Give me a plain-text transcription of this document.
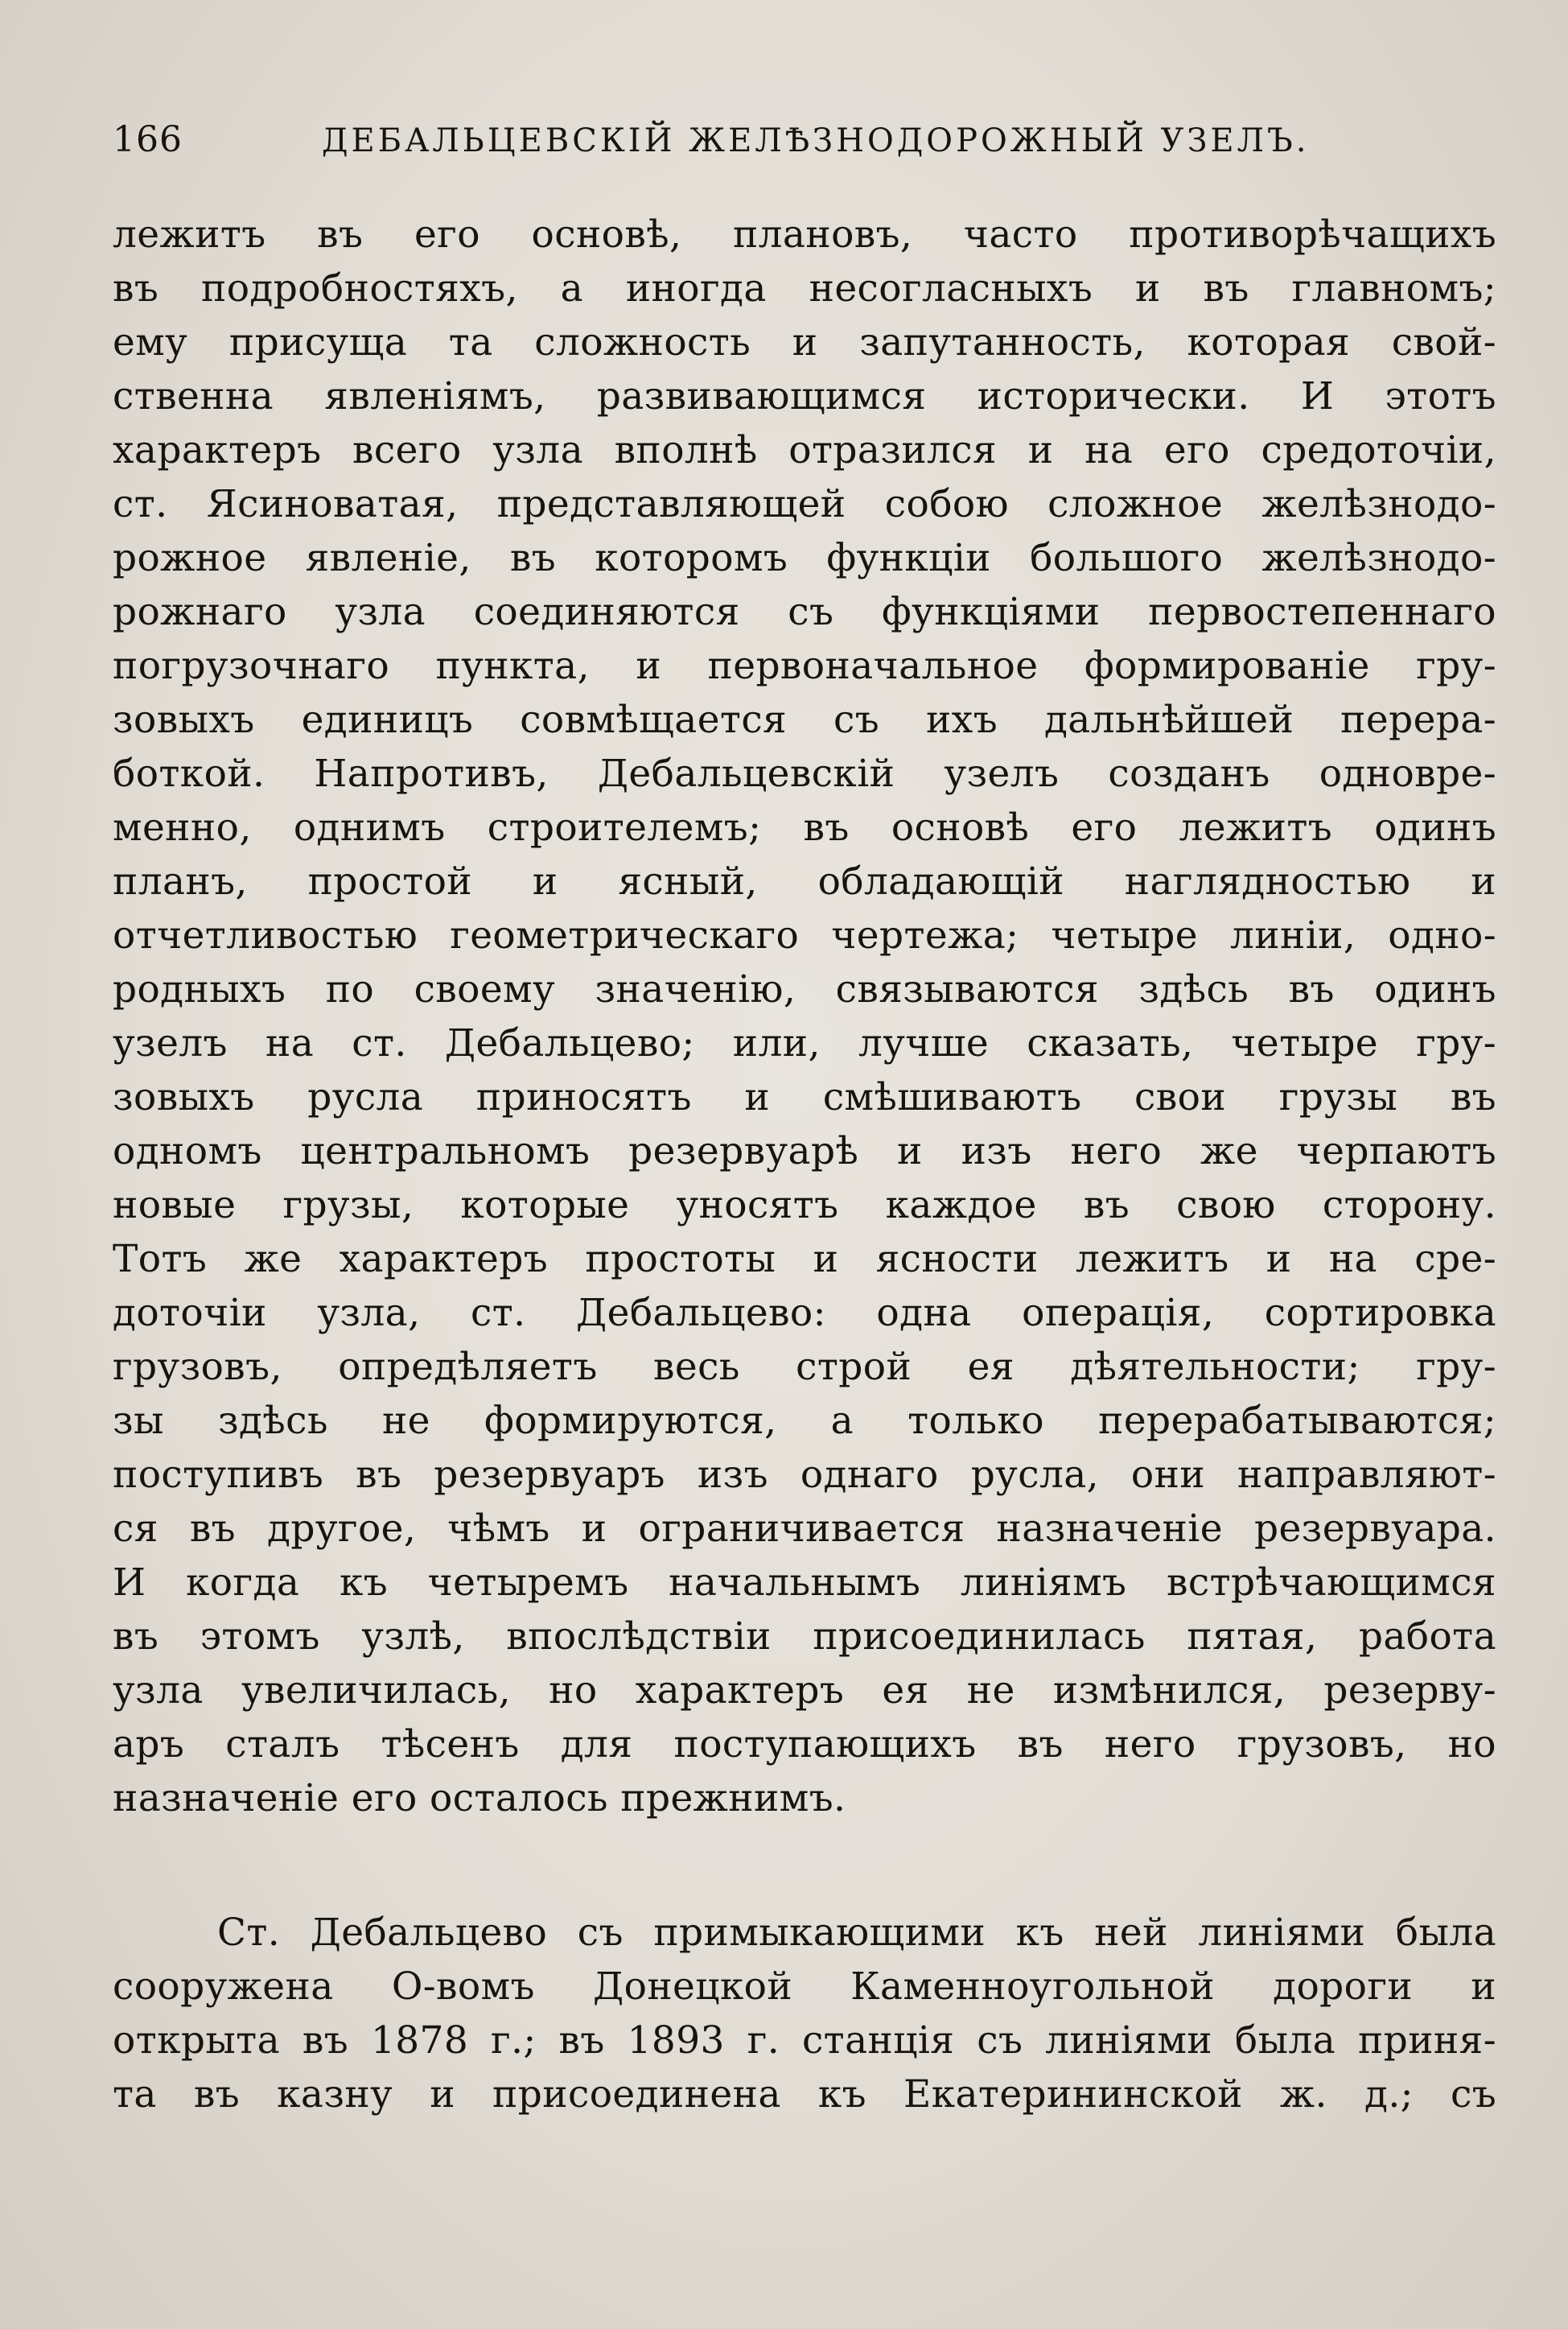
166	ДЕБАЛЬЦЕВСКІЙ ЖЕЛѢЗНОДОРОЖНЫЙ УЗЕЛЪ.
лежитъ въ его основѣ, плановъ, часто противорѣчащихъ
въ подробностяхъ, а иногда несогласныхъ и въ главномъ;
ему присуща та сложность и запутанность, которая свой-
ственна явленіямъ, развивающимся исторически. И этотъ
характеръ всего узла вполнѣ отразился и на его средоточіи,
ст. Ясиноватая, представляющей собою сложное желѣзнодо-
рожное явленіе, въ которомъ функціи большого желѣзнодо-
рожнаго узла соединяются съ функціями первостепеннаго
погрузочнаго пункта, и первоначальное формированіе гру-
зовыхъ единицъ совмѣщается съ ихъ дальнѣйшей перера-
боткой. Напротивъ, Дебальцевскій узелъ созданъ одновре-
менно, однимъ строителемъ; въ основѣ его лежитъ одинъ
планъ, простой и ясный, обладающій наглядностью и
отчетливостью геометрическаго чертежа; четыре линіи, одно-
родныхъ по своему значенію, связываются здѣсь въ одинъ
узелъ на ст. Дебальцево; или, лучше сказать, четыре гру-
зовыхъ русла приносятъ и смѣшиваютъ свои грузы въ
одномъ центральномъ резервуарѣ и изъ него же черпаютъ
новые грузы, которые уносятъ каждое въ свою сторону.
Тотъ же характеръ простоты и ясности лежитъ и на сре-
доточіи узла, ст. Дебальцево: одна операція, сортировка
грузовъ, опредѣляетъ весь строй ея дѣятельности; гру-
зы здѣсь не формируются, а только перерабатываются;
поступивъ въ резервуаръ изъ однаго русла, они направляют-
ся въ другое, чѣмъ и ограничивается назначеніе резервуара.
И когда къ четыремъ начальнымъ линіямъ встрѣчающимся
въ этомъ узлѣ, впослѣдствіи присоединилась пятая, работа
узла увеличилась, но характеръ ея не измѣнился, резерву-
аръ сталъ тѣсенъ для поступающихъ въ него грузовъ, но
назначеніе его осталось прежнимъ.
Ст. Дебальцево съ примыкающими къ ней линіями была
сооружена О-вомъ Донецкой Каменноугольной дороги и
открыта въ 1878 г.; въ 1893 г. станція съ линіями была приня-
та въ казну и присоединена къ Екатерининской ж. д.; съ
